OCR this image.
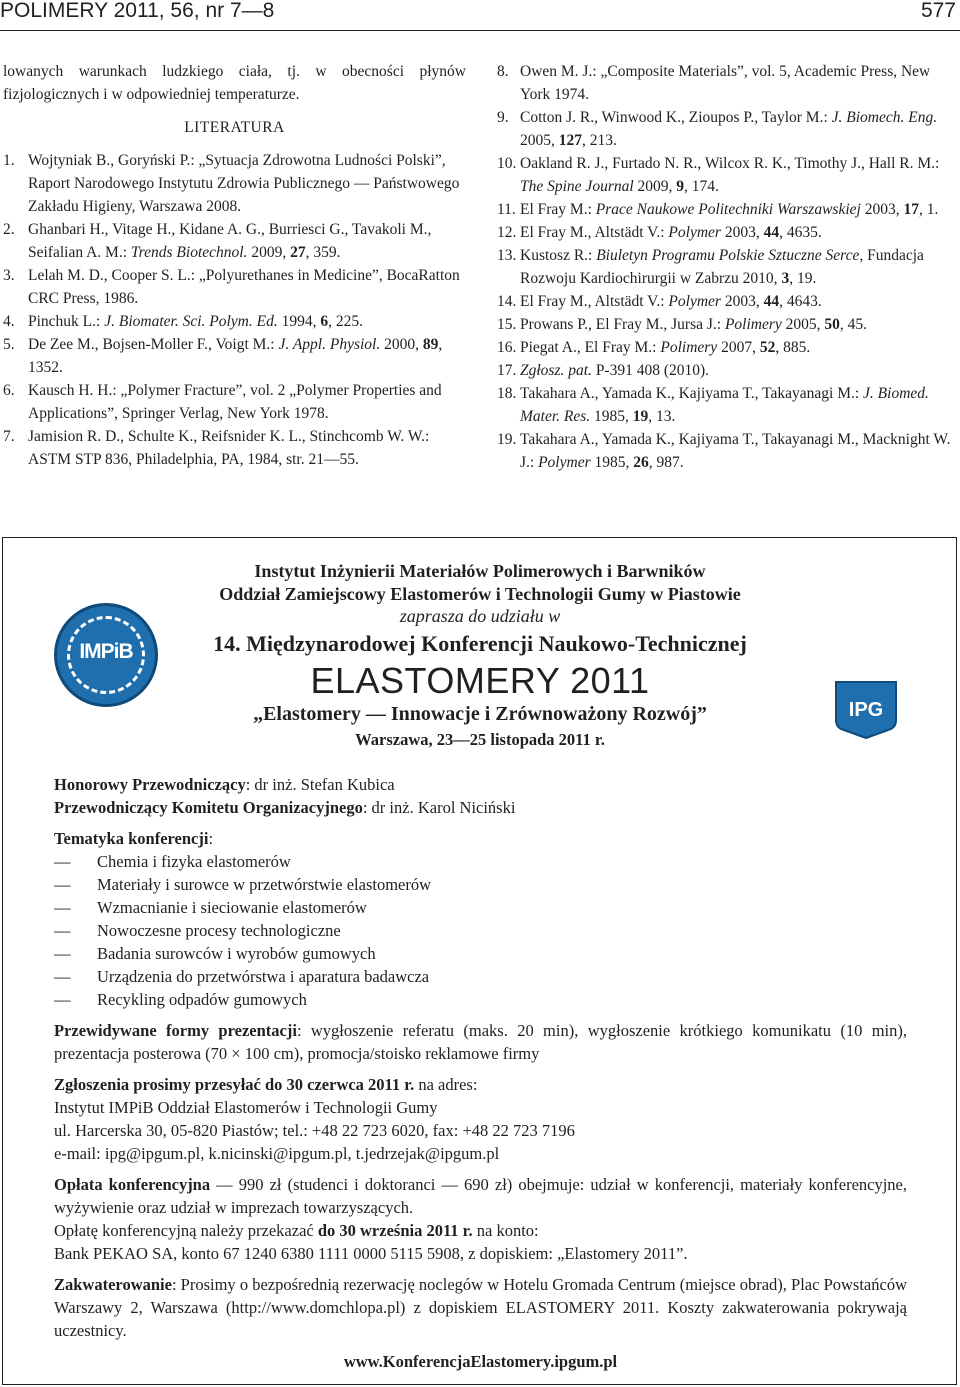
POLIMERY 2011, 56, nr 7—8	577

lowanych warunkach ludzkiego ciała, tj. w obecności płynów fizjologicznych i w odpowiedniej temperaturze.

LITERATURA
1. Wojtyniak B., Goryński P.: „Sytuacja Zdrowotna Ludności Polski”, Raport Narodowego Instytutu Zdrowia Publicznego — Państwowego Zakładu Higieny, Warszawa 2008.
2. Ghanbari H., Vitage H., Kidane A. G., Burriesci G., Tavakoli M., Seifalian A. M.: Trends Biotechnol. 2009, 27, 359.
3. Lelah M. D., Cooper S. L.: „Polyurethanes in Medicine”, BocaRatton CRC Press, 1986.
4. Pinchuk L.: J. Biomater. Sci. Polym. Ed. 1994, 6, 225.
5. De Zee M., Bojsen-Moller F., Voigt M.: J. Appl. Physiol. 2000, 89, 1352.
6. Kausch H. H.: „Polymer Fracture”, vol. 2 „Polymer Properties and Applications”, Springer Verlag, New York 1978.
7. Jamision R. D., Schulte K., Reifsnider K. L., Stinchcomb W. W.: ASTM STP 836, Philadelphia, PA, 1984, str. 21—55.
8. Owen M. J.: „Composite Materials”, vol. 5, Academic Press, New York 1974.
9. Cotton J. R., Winwood K., Zioupos P., Taylor M.: J. Biomech. Eng. 2005, 127, 213.
10. Oakland R. J., Furtado N. R., Wilcox R. K., Timothy J., Hall R. M.: The Spine Journal 2009, 9, 174.
11. El Fray M.: Prace Naukowe Politechniki Warszawskiej 2003, 17, 1.
12. El Fray M., Altstädt V.: Polymer 2003, 44, 4635.
13. Kustosz R.: Biuletyn Programu Polskie Sztuczne Serce, Fundacja Rozwoju Kardiochirurgii w Zabrzu 2010, 3, 19.
14. El Fray M., Altstädt V.: Polymer 2003, 44, 4643.
15. Prowans P., El Fray M., Jursa J.: Polimery 2005, 50, 45.
16. Piegat A., El Fray M.: Polimery 2007, 52, 885.
17. Zgłosz. pat. P-391 408 (2010).
18. Takahara A., Yamada K., Kajiyama T., Takayanagi M.: J. Biomed. Mater. Res. 1985, 19, 13.
19. Takahara A., Yamada K., Kajiyama T., Takayanagi M., Macknight W. J.: Polymer 1985, 26, 987.
IMPiB
IPG
Instytut Inżynierii Materiałów Polimerowych i Barwników
Oddział Zamiejscowy Elastomerów i Technologii Gumy w Piastowie
zaprasza do udziału w
14. Międzynarodowej Konferencji Naukowo-Technicznej
ELASTOMERY 2011
„Elastomery — Innowacje i Zrównoważony Rozwój”
Warszawa, 23—25 listopada 2011 r.

Honorowy Przewodniczący: dr inż. Stefan Kubica

Przewodniczący Komitetu Organizacyjnego: dr inż. Karol Niciński

Tematyka konferencji:

—	Chemia i fizyka elastomerów
—	Materiały i surowce w przetwórstwie elastomerów
—	Wzmacnianie i sieciowanie elastomerów
—	Nowoczesne procesy technologiczne
—	Badania surowców i wyrobów gumowych
—	Urządzenia do przetwórstwa i aparatura badawcza
—	Recykling odpadów gumowych

Przewidywane formy prezentacji: wygłoszenie referatu (maks. 20 min), wygłoszenie krótkiego komunikatu (10 min), prezentacja posterowa (70 × 100 cm), promocja/stoisko reklamowe firmy

Zgłoszenia prosimy przesyłać do 30 czerwca 2011 r. na adres:

Instytut IMPiB Oddział Elastomerów i Technologii Gumy

ul. Harcerska 30, 05-820 Piastów; tel.: +48 22 723 6020, fax: +48 22 723 7196

e-mail: ipg@ipgum.pl, k.nicinski@ipgum.pl, t.jedrzejak@ipgum.pl

Opłata konferencyjna — 990 zł (studenci i doktoranci — 690 zł) obejmuje: udział w konferencji, materiały konferencyjne, wyżywienie oraz udział w imprezach towarzyszących.

Opłatę konferencyjną należy przekazać do 30 września 2011 r. na konto:

Bank PEKAO SA, konto 67 1240 6380 1111 0000 5115 5908, z dopiskiem: „Elastomery 2011”.

Zakwaterowanie: Prosimy o bezpośrednią rezerwację noclegów w Hotelu Gromada Centrum (miejsce obrad), Plac Powstańców Warszawy 2, Warszawa (http://www.domchlopa.pl) z dopiskiem ELASTOMERY 2011. Koszty zakwaterowania pokrywają uczestnicy.

www.KonferencjaElastomery.ipgum.pl
